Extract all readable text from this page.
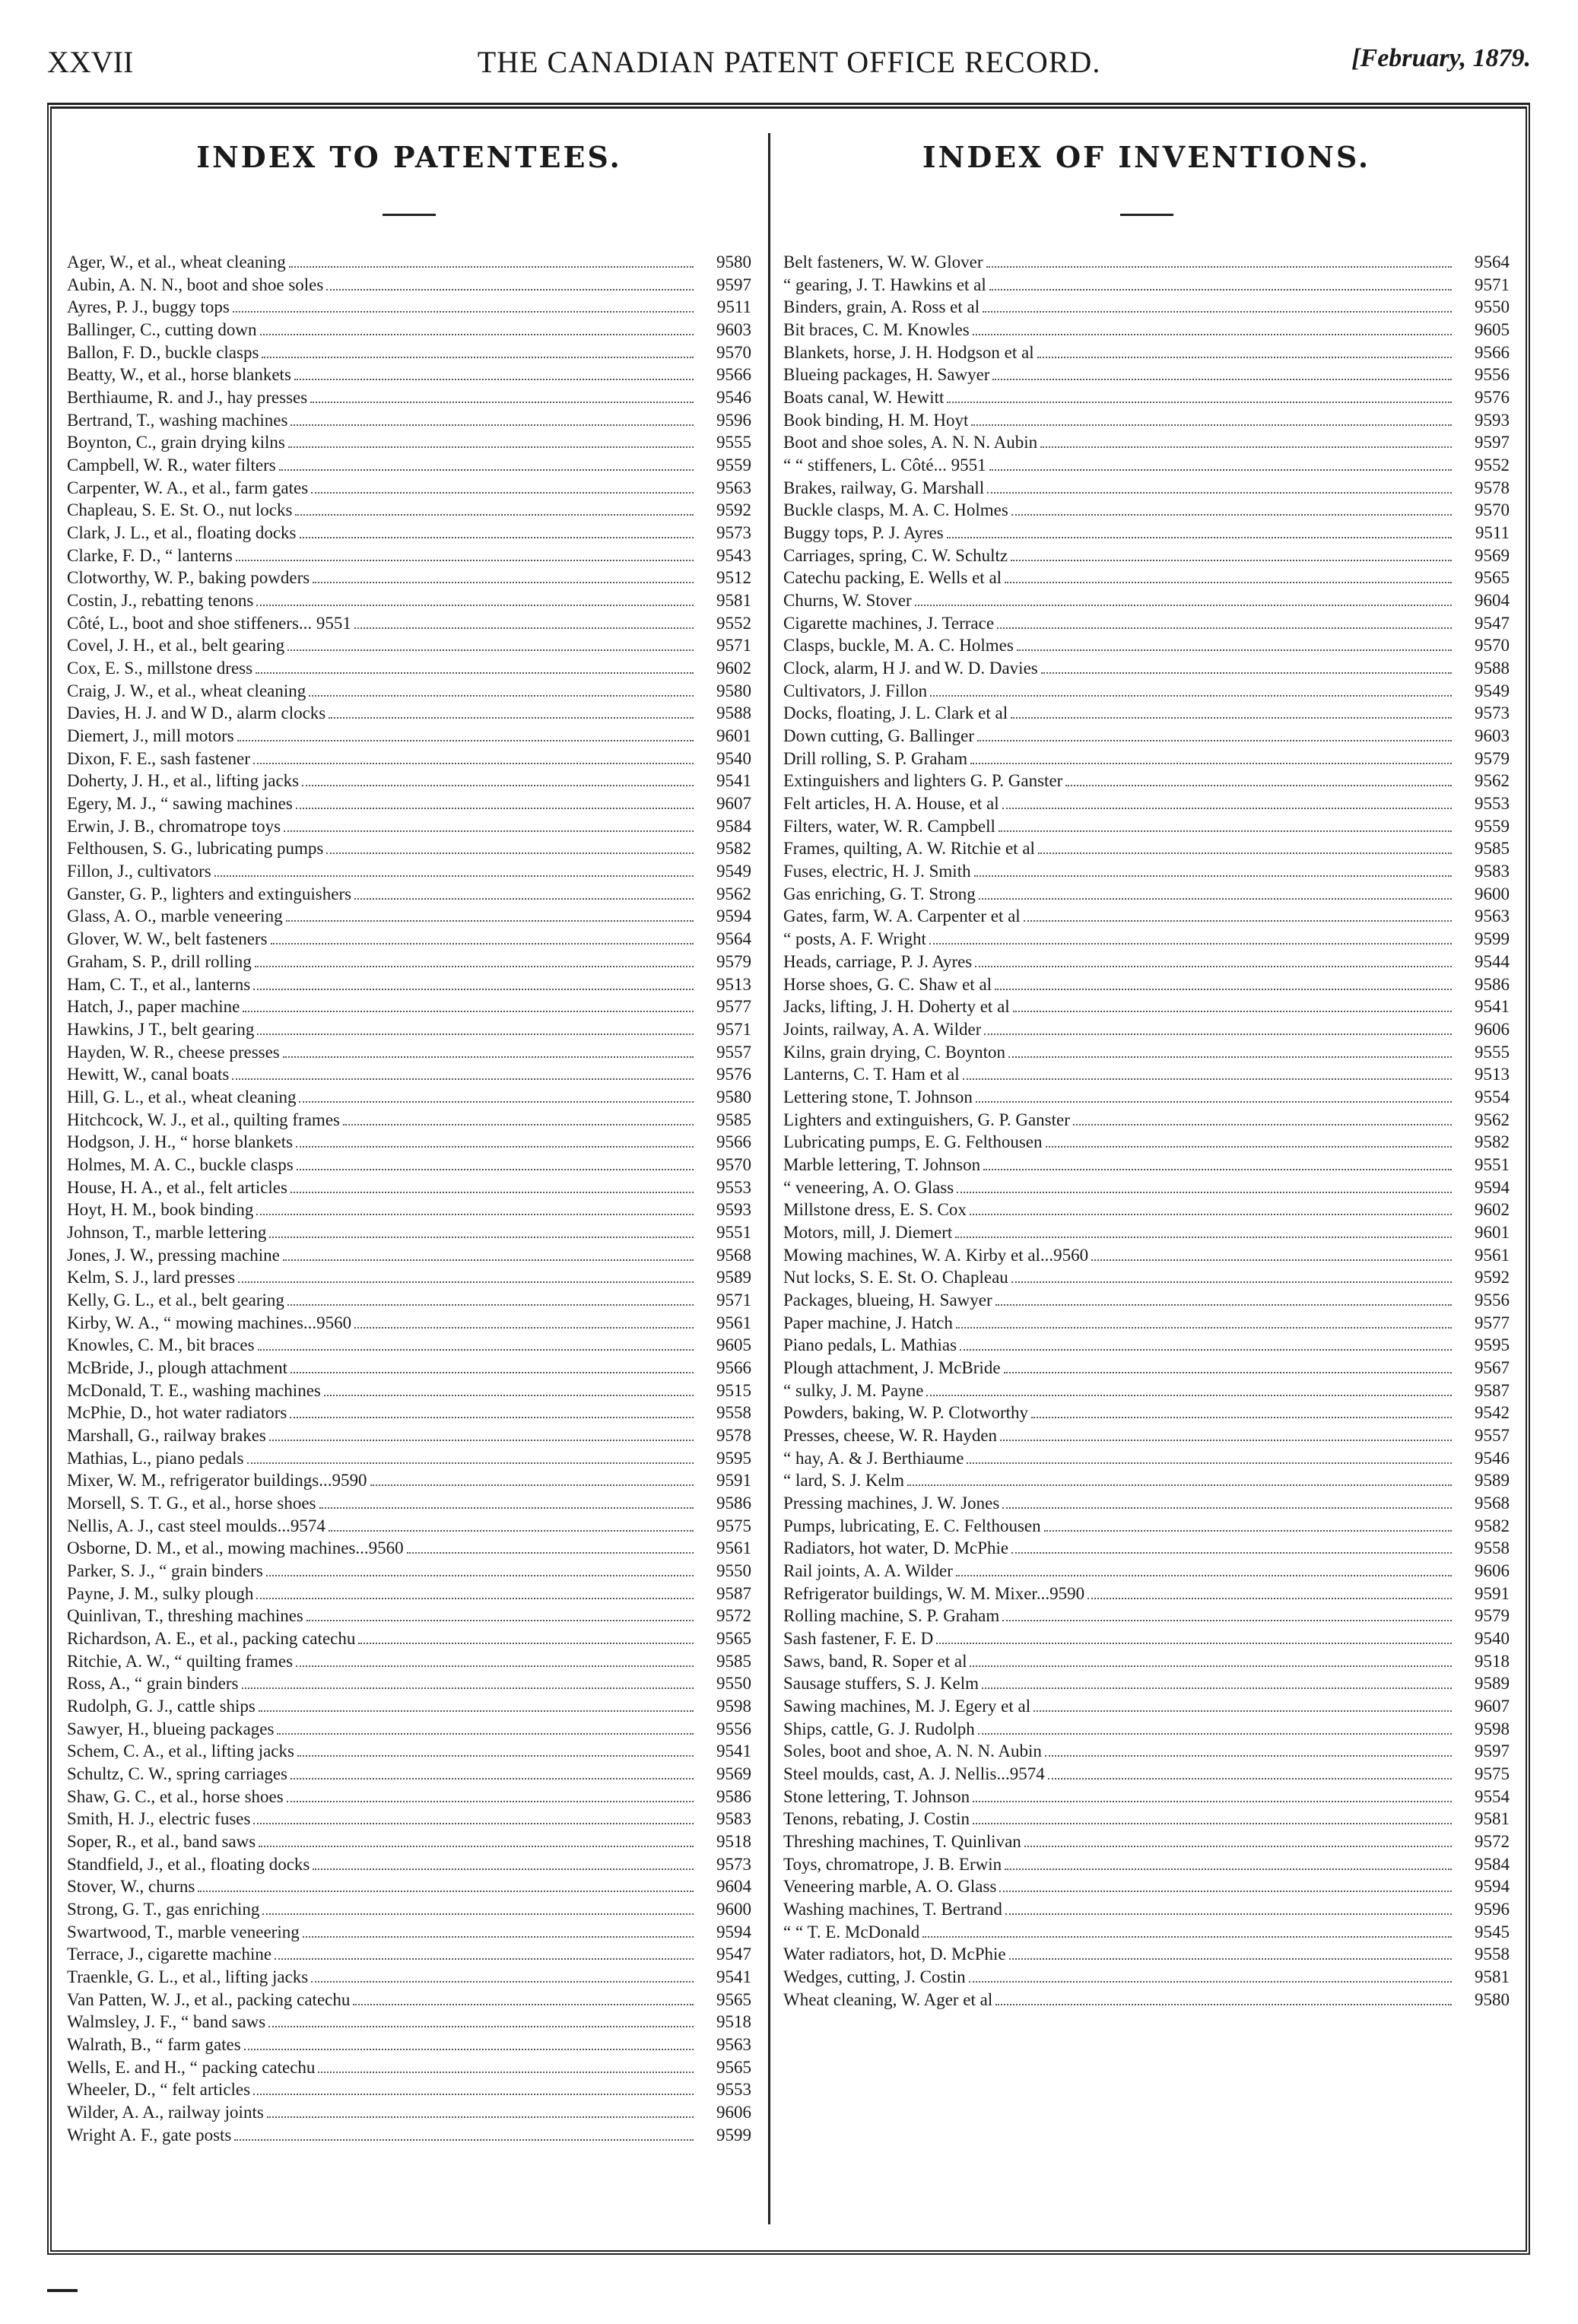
XXVII	THE CANADIAN PATENT OFFICE RECORD.	[February, 1879.
INDEX TO PATENTEES.
Ager, W., et al., wheat cleaning	9580
Aubin, A. N. N., boot and shoe soles	9597
Ayres, P. J., buggy tops	9511
Ballinger, C., cutting down	9603
Ballon, F. D., buckle clasps	9570
Beatty, W., et al., horse blankets	9566
Berthiaume, R. and J., hay presses	9546
Bertrand, T., washing machines	9596
Boynton, C., grain drying kilns	9555
Campbell, W. R., water filters	9559
Carpenter, W. A., et al., farm gates	9563
Chapleau, S. E. St. O., nut locks	9592
Clark, J. L., et al., floating docks	9573
Clarke, F. D., “ lanterns	9543
Clotworthy, W. P., baking powders	9512
Costin, J., rebatting tenons	9581
Côté, L., boot and shoe stiffeners... 9551	9552
Covel, J. H., et al., belt gearing	9571
Cox, E. S., millstone dress	9602
Craig, J. W., et al., wheat cleaning	9580
Davies, H. J. and W D., alarm clocks	9588
Diemert, J., mill motors	9601
Dixon, F. E., sash fastener	9540
Doherty, J. H., et al., lifting jacks	9541
Egery, M. J., “ sawing machines	9607
Erwin, J. B., chromatrope toys	9584
Felthousen, S. G., lubricating pumps	9582
Fillon, J., cultivators	9549
Ganster, G. P., lighters and extinguishers	9562
Glass, A. O., marble veneering	9594
Glover, W. W., belt fasteners	9564
Graham, S. P., drill rolling	9579
Ham, C. T., et al., lanterns	9513
Hatch, J., paper machine	9577
Hawkins, J T., belt gearing	9571
Hayden, W. R., cheese presses	9557
Hewitt, W., canal boats	9576
Hill, G. L., et al., wheat cleaning	9580
Hitchcock, W. J., et al., quilting frames	9585
Hodgson, J. H., “ horse blankets	9566
Holmes, M. A. C., buckle clasps	9570
House, H. A., et al., felt articles	9553
Hoyt, H. M., book binding	9593
Johnson, T., marble lettering	9551
Jones, J. W., pressing machine	9568
Kelm, S. J., lard presses	9589
Kelly, G. L., et al., belt gearing	9571
Kirby, W. A., “ mowing machines...9560	9561
Knowles, C. M., bit braces	9605
McBride, J., plough attachment	9566
McDonald, T. E., washing machines	9515
McPhie, D., hot water radiators	9558
Marshall, G., railway brakes	9578
Mathias, L., piano pedals	9595
Mixer, W. M., refrigerator buildings...9590	9591
Morsell, S. T. G., et al., horse shoes	9586
Nellis, A. J., cast steel moulds...9574	9575
Osborne, D. M., et al., mowing machines...9560	9561
Parker, S. J., “ grain binders	9550
Payne, J. M., sulky plough	9587
Quinlivan, T., threshing machines	9572
Richardson, A. E., et al., packing catechu	9565
Ritchie, A. W., “ quilting frames	9585
Ross, A., “ grain binders	9550
Rudolph, G. J., cattle ships	9598
Sawyer, H., blueing packages	9556
Schem, C. A., et al., lifting jacks	9541
Schultz, C. W., spring carriages	9569
Shaw, G. C., et al., horse shoes	9586
Smith, H. J., electric fuses	9583
Soper, R., et al., band saws	9518
Standfield, J., et al., floating docks	9573
Stover, W., churns	9604
Strong, G. T., gas enriching	9600
Swartwood, T., marble veneering	9594
Terrace, J., cigarette machine	9547
Traenkle, G. L., et al., lifting jacks	9541
Van Patten, W. J., et al., packing catechu	9565
Walmsley, J. F., “ band saws	9518
Walrath, B., “ farm gates	9563
Wells, E. and H., “ packing catechu	9565
Wheeler, D., “ felt articles	9553
Wilder, A. A., railway joints	9606
Wright A. F., gate posts	9599
INDEX OF INVENTIONS.
Belt fasteners, W. W. Glover	9564
“ gearing, J. T. Hawkins et al	9571
Binders, grain, A. Ross et al	9550
Bit braces, C. M. Knowles	9605
Blankets, horse, J. H. Hodgson et al	9566
Blueing packages, H. Sawyer	9556
Boats canal, W. Hewitt	9576
Book binding, H. M. Hoyt	9593
Boot and shoe soles, A. N. N. Aubin	9597
“ “ stiffeners, L. Côté... 9551	9552
Brakes, railway, G. Marshall	9578
Buckle clasps, M. A. C. Holmes	9570
Buggy tops, P. J. Ayres	9511
Carriages, spring, C. W. Schultz	9569
Catechu packing, E. Wells et al	9565
Churns, W. Stover	9604
Cigarette machines, J. Terrace	9547
Clasps, buckle, M. A. C. Holmes	9570
Clock, alarm, H J. and W. D. Davies	9588
Cultivators, J. Fillon	9549
Docks, floating, J. L. Clark et al	9573
Down cutting, G. Ballinger	9603
Drill rolling, S. P. Graham	9579
Extinguishers and lighters G. P. Ganster	9562
Felt articles, H. A. House, et al	9553
Filters, water, W. R. Campbell	9559
Frames, quilting, A. W. Ritchie et al	9585
Fuses, electric, H. J. Smith	9583
Gas enriching, G. T. Strong	9600
Gates, farm, W. A. Carpenter et al	9563
“ posts, A. F. Wright	9599
Heads, carriage, P. J. Ayres	9544
Horse shoes, G. C. Shaw et al	9586
Jacks, lifting, J. H. Doherty et al	9541
Joints, railway, A. A. Wilder	9606
Kilns, grain drying, C. Boynton	9555
Lanterns, C. T. Ham et al	9513
Lettering stone, T. Johnson	9554
Lighters and extinguishers, G. P. Ganster	9562
Lubricating pumps, E. G. Felthousen	9582
Marble lettering, T. Johnson	9551
“ veneering, A. O. Glass	9594
Millstone dress, E. S. Cox	9602
Motors, mill, J. Diemert	9601
Mowing machines, W. A. Kirby et al...9560	9561
Nut locks, S. E. St. O. Chapleau	9592
Packages, blueing, H. Sawyer	9556
Paper machine, J. Hatch	9577
Piano pedals, L. Mathias	9595
Plough attachment, J. McBride	9567
“ sulky, J. M. Payne	9587
Powders, baking, W. P. Clotworthy	9542
Presses, cheese, W. R. Hayden	9557
“ hay, A. & J. Berthiaume	9546
“ lard, S. J. Kelm	9589
Pressing machines, J. W. Jones	9568
Pumps, lubricating, E. C. Felthousen	9582
Radiators, hot water, D. McPhie	9558
Rail joints, A. A. Wilder	9606
Refrigerator buildings, W. M. Mixer...9590	9591
Rolling machine, S. P. Graham	9579
Sash fastener, F. E. D	9540
Saws, band, R. Soper et al	9518
Sausage stuffers, S. J. Kelm	9589
Sawing machines, M. J. Egery et al	9607
Ships, cattle, G. J. Rudolph	9598
Soles, boot and shoe, A. N. N. Aubin	9597
Steel moulds, cast, A. J. Nellis...9574	9575
Stone lettering, T. Johnson	9554
Tenons, rebating, J. Costin	9581
Threshing machines, T. Quinlivan	9572
Toys, chromatrope, J. B. Erwin	9584
Veneering marble, A. O. Glass	9594
Washing machines, T. Bertrand	9596
“ “ T. E. McDonald	9545
Water radiators, hot, D. McPhie	9558
Wedges, cutting, J. Costin	9581
Wheat cleaning, W. Ager et al	9580
